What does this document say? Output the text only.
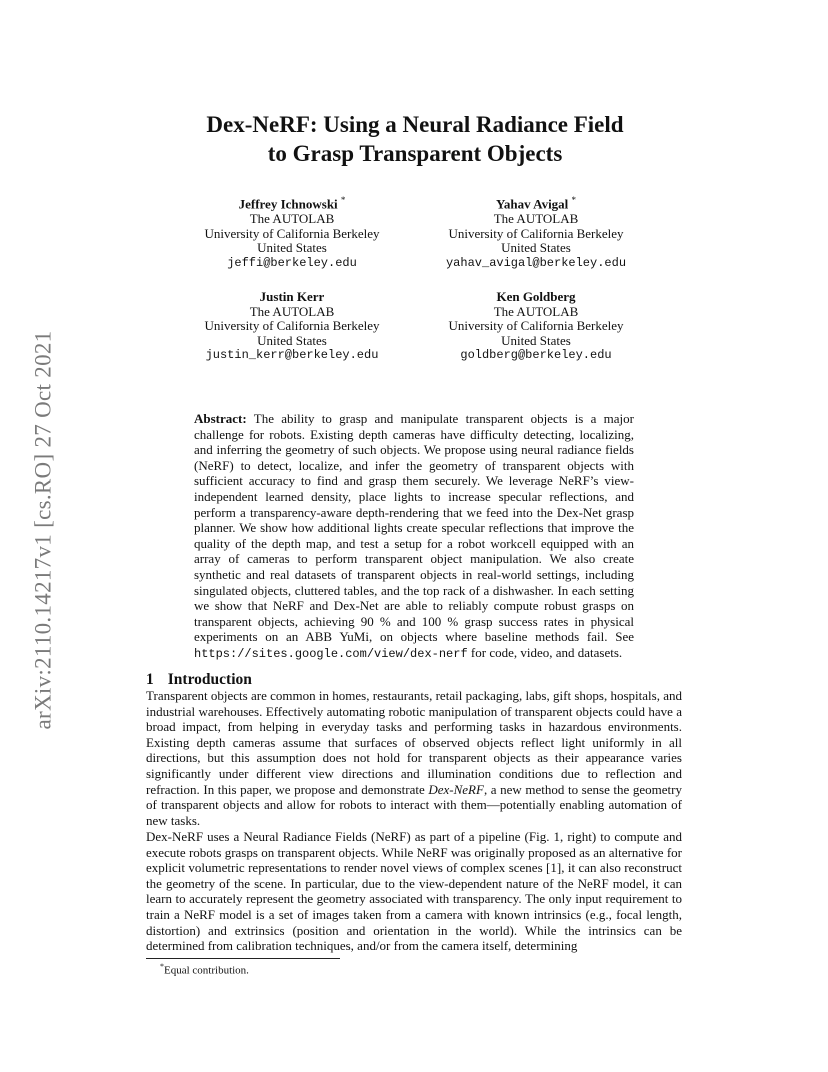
arXiv:2110.14217v1 [cs.RO] 27 Oct 2021
Dex-NeRF: Using a Neural Radiance Field
to Grasp Transparent Objects
Jeffrey Ichnowski *
The AUTOLAB
University of California Berkeley
United States
jeffi@berkeley.edu
Yahav Avigal *
The AUTOLAB
University of California Berkeley
United States
yahav_avigal@berkeley.edu
Justin Kerr
The AUTOLAB
University of California Berkeley
United States
justin_kerr@berkeley.edu
Ken Goldberg
The AUTOLAB
University of California Berkeley
United States
goldberg@berkeley.edu
Abstract: The ability to grasp and manipulate transparent objects is a major challenge for robots. Existing depth cameras have difficulty detecting, localizing, and inferring the geometry of such objects. We propose using neural radiance fields (NeRF) to detect, localize, and infer the geometry of transparent objects with sufficient accuracy to find and grasp them securely. We leverage NeRF’s view-independent learned density, place lights to increase specular reflections, and perform a transparency-aware depth-rendering that we feed into the Dex-Net grasp planner. We show how additional lights create specular reflections that improve the quality of the depth map, and test a setup for a robot workcell equipped with an array of cameras to perform transparent object manipulation. We also create synthetic and real datasets of transparent objects in real-world settings, including singulated objects, cluttered tables, and the top rack of a dishwasher. In each setting we show that NeRF and Dex-Net are able to reliably compute robust grasps on transparent objects, achieving 90 % and 100 % grasp success rates in physical experiments on an ABB YuMi, on objects where baseline methods fail. See https://sites.google.com/view/dex-nerf for code, video, and datasets.
1 Introduction
Transparent objects are common in homes, restaurants, retail packaging, labs, gift shops, hospitals, and industrial warehouses. Effectively automating robotic manipulation of transparent objects could have a broad impact, from helping in everyday tasks and performing tasks in hazardous environments. Existing depth cameras assume that surfaces of observed objects reflect light uniformly in all directions, but this assumption does not hold for transparent objects as their appearance varies significantly under different view directions and illumination conditions due to reflection and refraction. In this paper, we propose and demonstrate Dex-NeRF, a new method to sense the geometry of transparent objects and allow for robots to interact with them—potentially enabling automation of new tasks.
Dex-NeRF uses a Neural Radiance Fields (NeRF) as part of a pipeline (Fig. 1, right) to compute and execute robots grasps on transparent objects. While NeRF was originally proposed as an alternative for explicit volumetric representations to render novel views of complex scenes [1], it can also reconstruct the geometry of the scene. In particular, due to the view-dependent nature of the NeRF model, it can learn to accurately represent the geometry associated with transparency. The only input requirement to train a NeRF model is a set of images taken from a camera with known intrinsics (e.g., focal length, distortion) and extrinsics (position and orientation in the world). While the intrinsics can be determined from calibration techniques, and/or from the camera itself, determining
*Equal contribution.
